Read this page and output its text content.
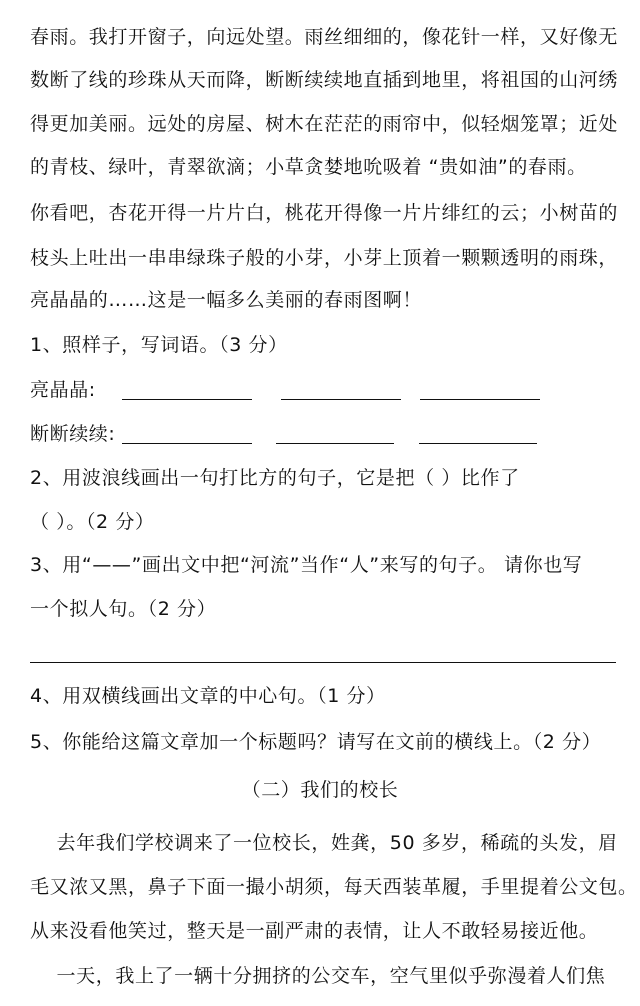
春雨。我打开窗子，向远处望。雨丝细细的，像花针一样，又好像无
数断了线的珍珠从天而降，断断续续地直插到地里，将祖国的山河绣
得更加美丽。远处的房屋、树木在茫茫的雨帘中，似轻烟笼罩；近处
的青枝、绿叶，青翠欲滴；小草贪婪地吮吸着 “贵如油”的春雨。
你看吧，杏花开得一片片白，桃花开得像一片片绯红的云；小树苗的
枝头上吐出一串串绿珠子般的小芽，小芽上顶着一颗颗透明的雨珠，
亮晶晶的……这是一幅多么美丽的春雨图啊！
1、照样子，写词语。（3 分）
亮晶晶:
断断续续:
2、用波浪线画出一句打比方的句子，它是把（ ）比作了
（ ）。（2 分）
3、用“——”画出文中把“河流”当作“人”来写的句子。 请你也写
一个拟人句。（2 分）
4、用双横线画出文章的中心句。（1 分）
5、你能给这篇文章加一个标题吗？请写在文前的横线上。（2 分）
（二）我们的校长
去年我们学校调来了一位校长，姓龚，50 多岁，稀疏的头发，眉
毛又浓又黑，鼻子下面一撮小胡须，每天西装革履，手里提着公文包。
从来没看他笑过，整天是一副严肃的表情，让人不敢轻易接近他。
一天，我上了一辆十分拥挤的公交车，空气里似乎弥漫着人们焦
